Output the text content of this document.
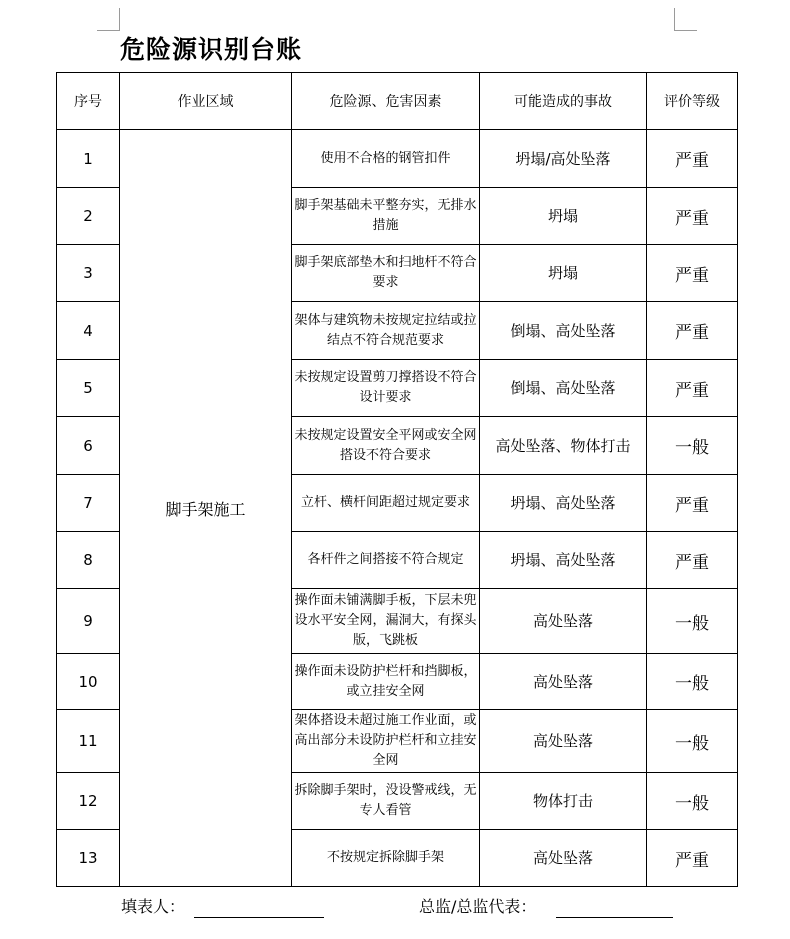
危险源识别台账
序号	作业区域	危险源、危害因素	可能造成的事故	评价等级
1	脚手架施工	使用不合格的钢管扣件	坍塌/高处坠落	严重
2		脚手架基础未平整夯实，无排水措施	坍塌	严重
3		脚手架底部垫木和扫地杆不符合要求	坍塌	严重
4		架体与建筑物未按规定拉结或拉结点不符合规范要求	倒塌、高处坠落	严重
5		未按规定设置剪刀撑搭设不符合设计要求	倒塌、高处坠落	严重
6		未按规定设置安全平网或安全网搭设不符合要求	高处坠落、物体打击	一般
7		立杆、横杆间距超过规定要求	坍塌、高处坠落	严重
8		各杆件之间搭接不符合规定	坍塌、高处坠落	严重
9		操作面未铺满脚手板，下层未兜设水平安全网，漏洞大，有探头版，飞跳板	高处坠落	一般
10		操作面未设防护栏杆和挡脚板，或立挂安全网	高处坠落	一般
11		架体搭设未超过施工作业面，或高出部分未设防护栏杆和立挂安全网	高处坠落	一般
12		拆除脚手架时，没设警戒线，无专人看管	物体打击	一般
13		不按规定拆除脚手架	高处坠落	严重
填表人：	总监/总监代表：
